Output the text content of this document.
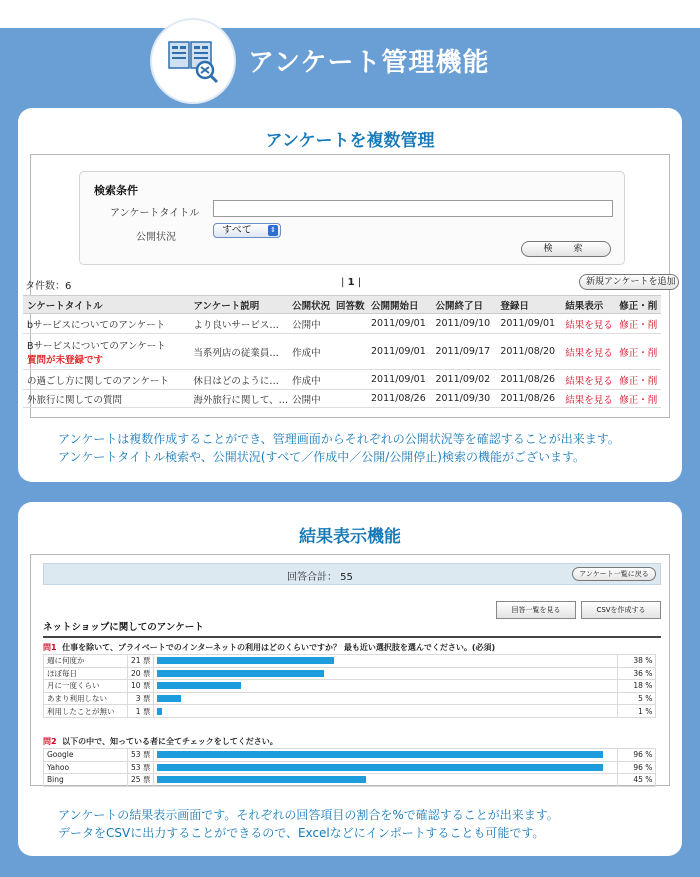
アンケート管理機能
アンケートを複数管理
検索条件
アンケートタイトル
公開状況
すべて	⇕
検　索
タ件数：6	| 1 |	新規アンケートを追加
ンケートタイトル	アンケート説明	公開状況	回答数	公開開始日	公開終了日	登録日	結果表示	修正・削
bサービスについてのアンケート	より良いサービス…	公開中		2011/09/01	2011/09/10	2011/09/01	結果を見る	修正・削
Bサービスについてのアンケート
質問が未登録です	当系列店の従業員…	作成中		2011/09/01	2011/09/17	2011/08/20	結果を見る	修正・削
の過ごし方に関してのアンケート	休日はどのように…	作成中		2011/09/01	2011/09/02	2011/08/26	結果を見る	修正・削
外旅行に関しての質問	海外旅行に関して、…	公開中		2011/08/26	2011/09/30	2011/08/26	結果を見る	修正・削
アンケートは複数作成することができ、管理画面からそれぞれの公開状況等を確認することが出来ます。
アンケートタイトル検索や、公開状況(すべて／作成中／公開/公開停止)検索の機能がございます。
結果表示機能
回答合計： 55	アンケート一覧に戻る
回答一覧を見る	CSVを作成する
ネットショップに関してのアンケート
問1 仕事を除いて、プライベートでのインターネットの利用はどのくらいですか？ 最も近い選択肢を選んでください。(必須)
週に何度か	21 票		38 %
ほぼ毎日	20 票		36 %
月に一度くらい	10 票		18 %
あまり利用しない	3 票		5 %
利用したことが無い	1 票		1 %
問2 以下の中で、知っている者に全てチェックをしてください。
Google	53 票		96 %
Yahoo	53 票		96 %
Bing	25 票		45 %
アンケートの結果表示画面です。それぞれの回答項目の割合を%で確認することが出来ます。
データをCSVに出力することができるので、Excelなどにインポートすることも可能です。
